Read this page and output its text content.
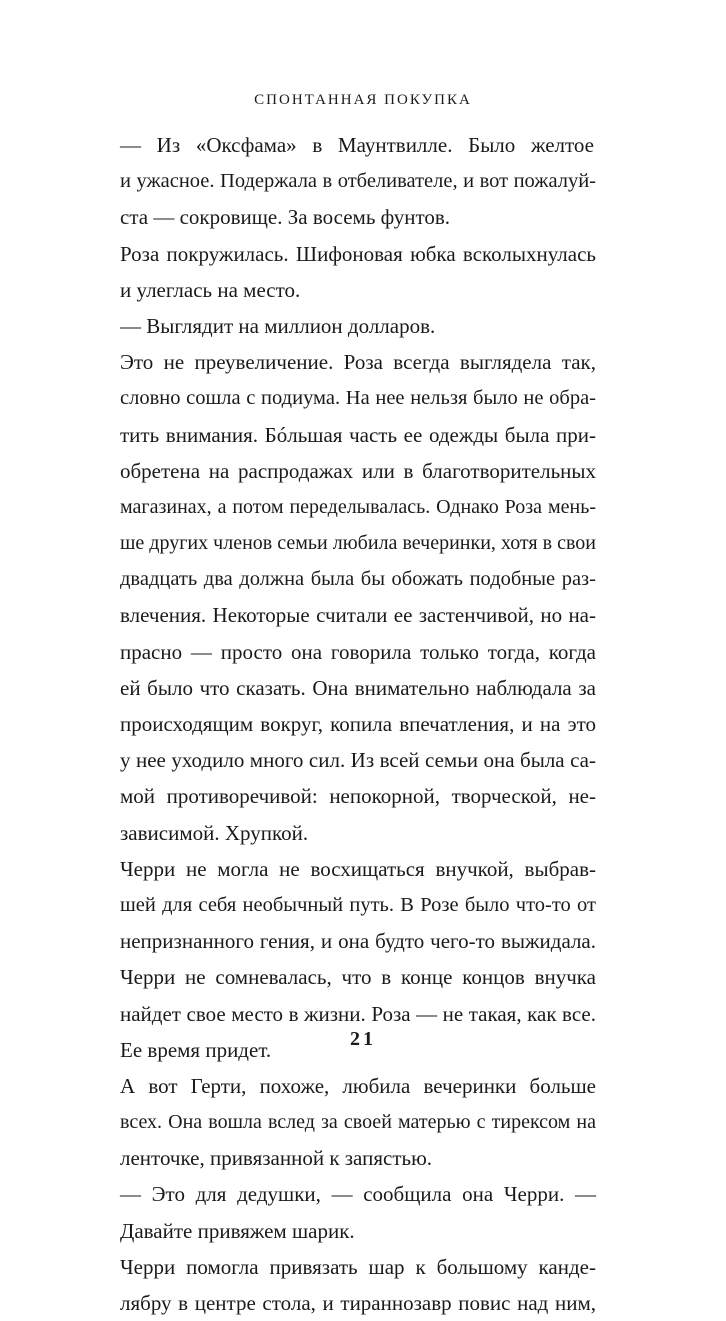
СПОНТАННАЯ ПОКУПКА
— Из «Оксфама» в Маунтвилле. Было желтое
и ужасное. Подержала в отбеливателе, и вот пожалуй-
ста — сокровище. За восемь фунтов.
Роза покружилась. Шифоновая юбка всколыхнулась
и улеглась на место.
— Выглядит на миллион долларов.
Это не преувеличение. Роза всегда выглядела так,
словно сошла с подиума. На нее нельзя было не обра-
тить внимания. Бóльшая часть ее одежды была при-
обретена на распродажах или в благотворительных
магазинах, а потом переделывалась. Однако Роза мень-
ше других членов семьи любила вечеринки, хотя в свои
двадцать два должна была бы обожать подобные раз-
влечения. Некоторые считали ее застенчивой, но на-
прасно — просто она говорила только тогда, когда
ей было что сказать. Она внимательно наблюдала за
происходящим вокруг, копила впечатления, и на это
у нее уходило много сил. Из всей семьи она была са-
мой противоречивой: непокорной, творческой, не-
зависимой. Хрупкой.
Черри не могла не восхищаться внучкой, выбрав-
шей для себя необычный путь. В Розе было что-то от
непризнанного гения, и она будто чего-то выжидала.
Черри не сомневалась, что в конце концов внучка
найдет свое место в жизни. Роза — не такая, как все.
Ее время придет.
А вот Герти, похоже, любила вечеринки больше
всех. Она вошла вслед за своей матерью с тирексом на
ленточке, привязанной к запястью.
— Это для дедушки, — сообщила она Черри. —
Давайте привяжем шарик.
Черри помогла привязать шар к большому канде-
лябру в центре стола, и тираннозавр повис над ним,
21
